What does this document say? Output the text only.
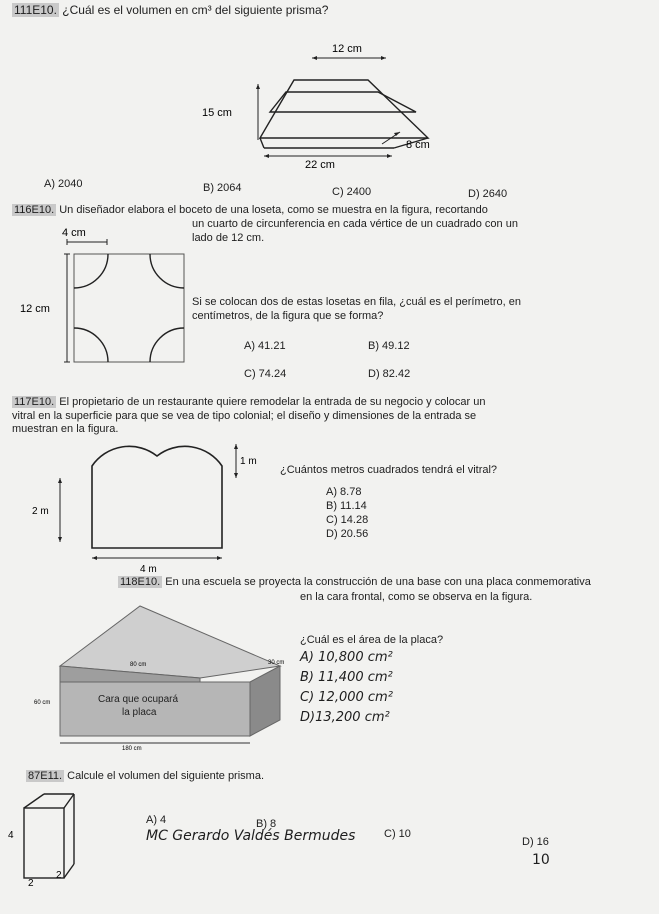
111E10. ¿Cuál es el volumen en cm³ del siguiente prisma?
12 cm
15 cm
8 cm
22 cm
A) 2040	B) 2064	C) 2400	D) 2640
116E10. Un diseñador elabora el boceto de una loseta, como se muestra en la figura, recortando
un cuarto de circunferencia en cada vértice de un cuadrado con un
lado de 12 cm.
4 cm
12 cm
Si se colocan dos de estas losetas en fila, ¿cuál es el perímetro, en
centímetros, de la figura que se forma?
A) 41.21	B) 49.12
C) 74.24	D) 82.42
117E10. El propietario de un restaurante quiere remodelar la entrada de su negocio y colocar un
vitral en la superficie para que se vea de tipo colonial; el diseño y dimensiones de la entrada se
muestran en la figura.
1 m
2 m
4 m
¿Cuántos metros cuadrados tendrá el vitral?
A) 8.78
B) 11.14
C) 14.28
D) 20.56
118E10. En una escuela se proyecta la construcción de una base con una placa conmemorativa
en la cara frontal, como se observa en la figura.
¿Cuál es el área de la placa?
80 cm	30 cm
60 cm
180 cm
Cara que ocupará
la placa
A) 10,800 cm²
B) 11,400 cm²
C) 12,000 cm²
D)13,200 cm²
87E11. Calcule el volumen del siguiente prisma.
4
2
2
A) 4	B) 8
C) 10
D) 16
MC Gerardo Valdés Bermudes
10
